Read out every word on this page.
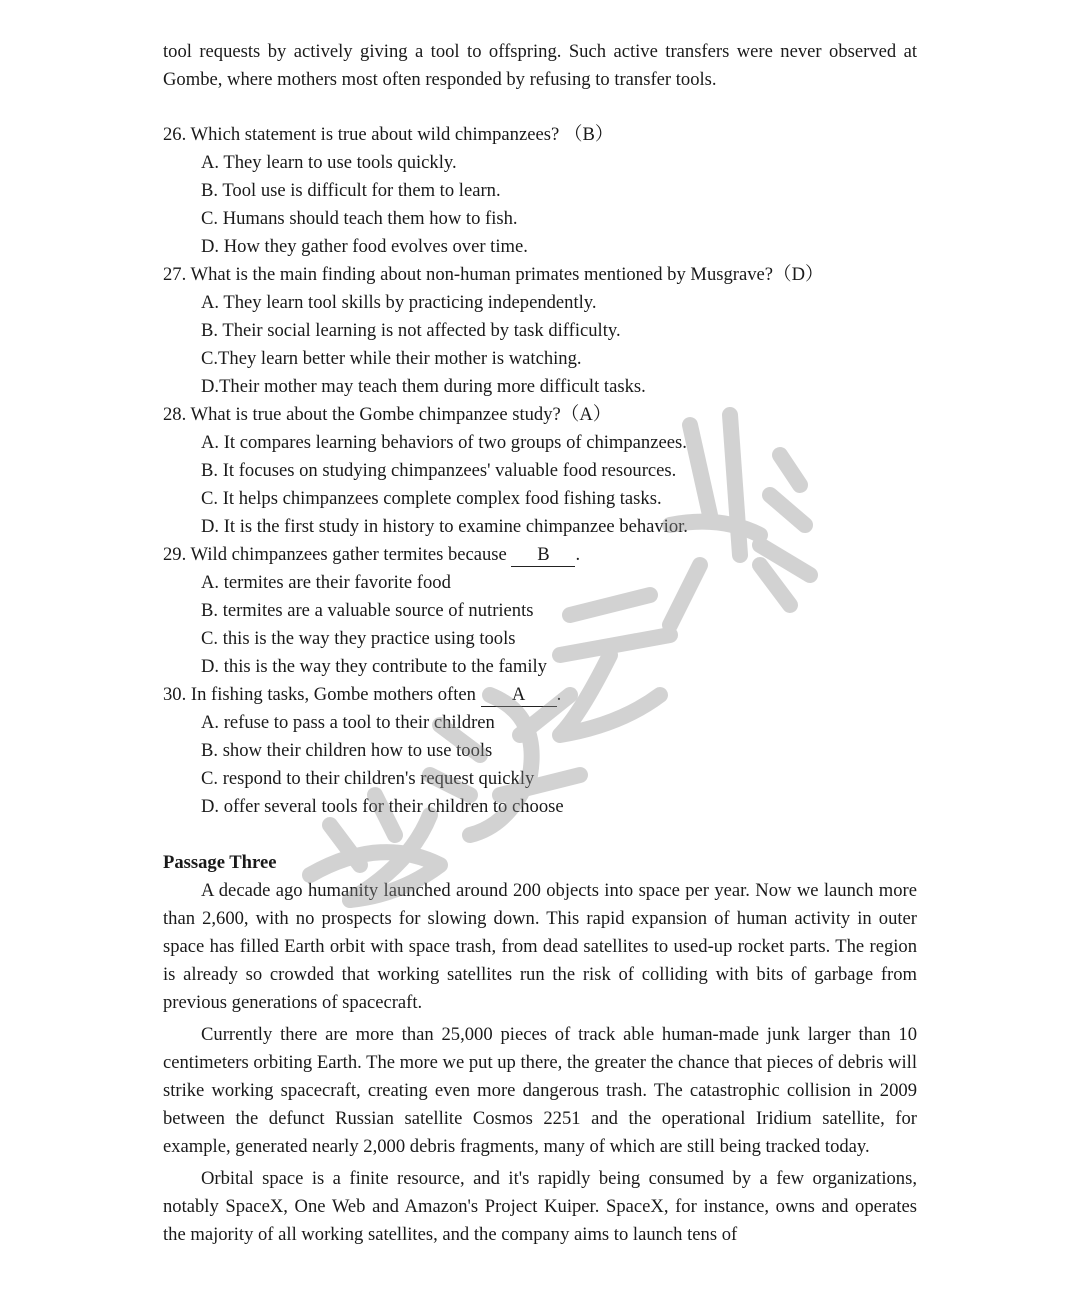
tool requests by actively giving a tool to offspring. Such active transfers were never observed at Gombe, where mothers most often responded by refusing to transfer tools.

26. Which statement is true about wild chimpanzees? （B）
A. They learn to use tools quickly.
B. Tool use is difficult for them to learn.
C. Humans should teach them how to fish.
D. How they gather food evolves over time.
27. What is the main finding about non-human primates mentioned by Musgrave?（D）
A. They learn tool skills by practicing independently.
B. Their social learning is not affected by task difficulty.
C.They learn better while their mother is watching.
D.Their mother may teach them during more difficult tasks.
28. What is true about the Gombe chimpanzee study?（A）
A. It compares learning behaviors of two groups of chimpanzees.
B. It focuses on studying chimpanzees' valuable food resources.
C. It helps chimpanzees complete complex food fishing tasks.
D. It is the first study in history to examine chimpanzee behavior.
29. Wild chimpanzees gather termites because B .
A. termites are their favorite food
B. termites are a valuable source of nutrients
C. this is the way they practice using tools
D. this is the way they contribute to the family
30. In fishing tasks, Gombe mothers often A .
A. refuse to pass a tool to their children
B. show their children how to use tools
C. respond to their children's request quickly
D. offer several tools for their children to choose

Passage Three

A decade ago humanity launched around 200 objects into space per year. Now we launch more than 2,600, with no prospects for slowing down. This rapid expansion of human activity in outer space has filled Earth orbit with space trash, from dead satellites to used-up rocket parts. The region is already so crowded that working satellites run the risk of colliding with bits of garbage from previous generations of spacecraft.

Currently there are more than 25,000 pieces of track able human-made junk larger than 10 centimeters orbiting Earth. The more we put up there, the greater the chance that pieces of debris will strike working spacecraft, creating even more dangerous trash. The catastrophic collision in 2009 between the defunct Russian satellite Cosmos 2251 and the operational Iridium satellite, for example, generated nearly 2,000 debris fragments, many of which are still being tracked today.

Orbital space is a finite resource, and it's rapidly being consumed by a few organizations, notably SpaceX, One Web and Amazon's Project Kuiper. SpaceX, for instance, owns and operates the majority of all working satellites, and the company aims to launch tens of
